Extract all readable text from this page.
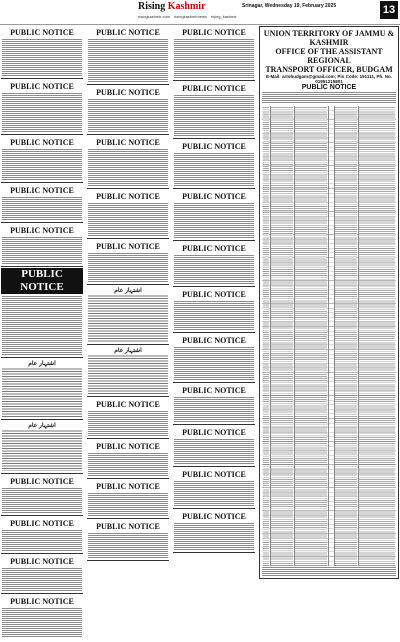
Rising Kashmir	Srinagar, Wednesday 19, February 2025	13
risingkashmir.com risingkashmirnews rising_kashmir
PUBLIC NOTICE
PUBLIC NOTICE
PUBLIC NOTICE
PUBLIC NOTICE
PUBLIC NOTICE
PUBLIC NOTICE
اشتہار عام
اشتہار عام
PUBLIC NOTICE
PUBLIC NOTICE
PUBLIC NOTICE
PUBLIC NOTICE
PUBLIC NOTICE
PUBLIC NOTICE
PUBLIC NOTICE
PUBLIC NOTICE
PUBLIC NOTICE
اشتہار عام
اشتہار عام
PUBLIC NOTICE
PUBLIC NOTICE
PUBLIC NOTICE
PUBLIC NOTICE
PUBLIC NOTICE
PUBLIC NOTICE
PUBLIC NOTICE
PUBLIC NOTICE
PUBLIC NOTICE
PUBLIC NOTICE
PUBLIC NOTICE
PUBLIC NOTICE
PUBLIC NOTICE
PUBLIC NOTICE
PUBLIC NOTICE
UNION TERRITORY OF JAMMU & KASHMIR
OFFICE OF THE ASSISTANT REGIONAL
TRANSPORT OFFICER, BUDGAM
E-Mail: artobudgam@gmail.com; Pin Code: 191111, Ph. No. 01951215801
PUBLIC NOTICE
